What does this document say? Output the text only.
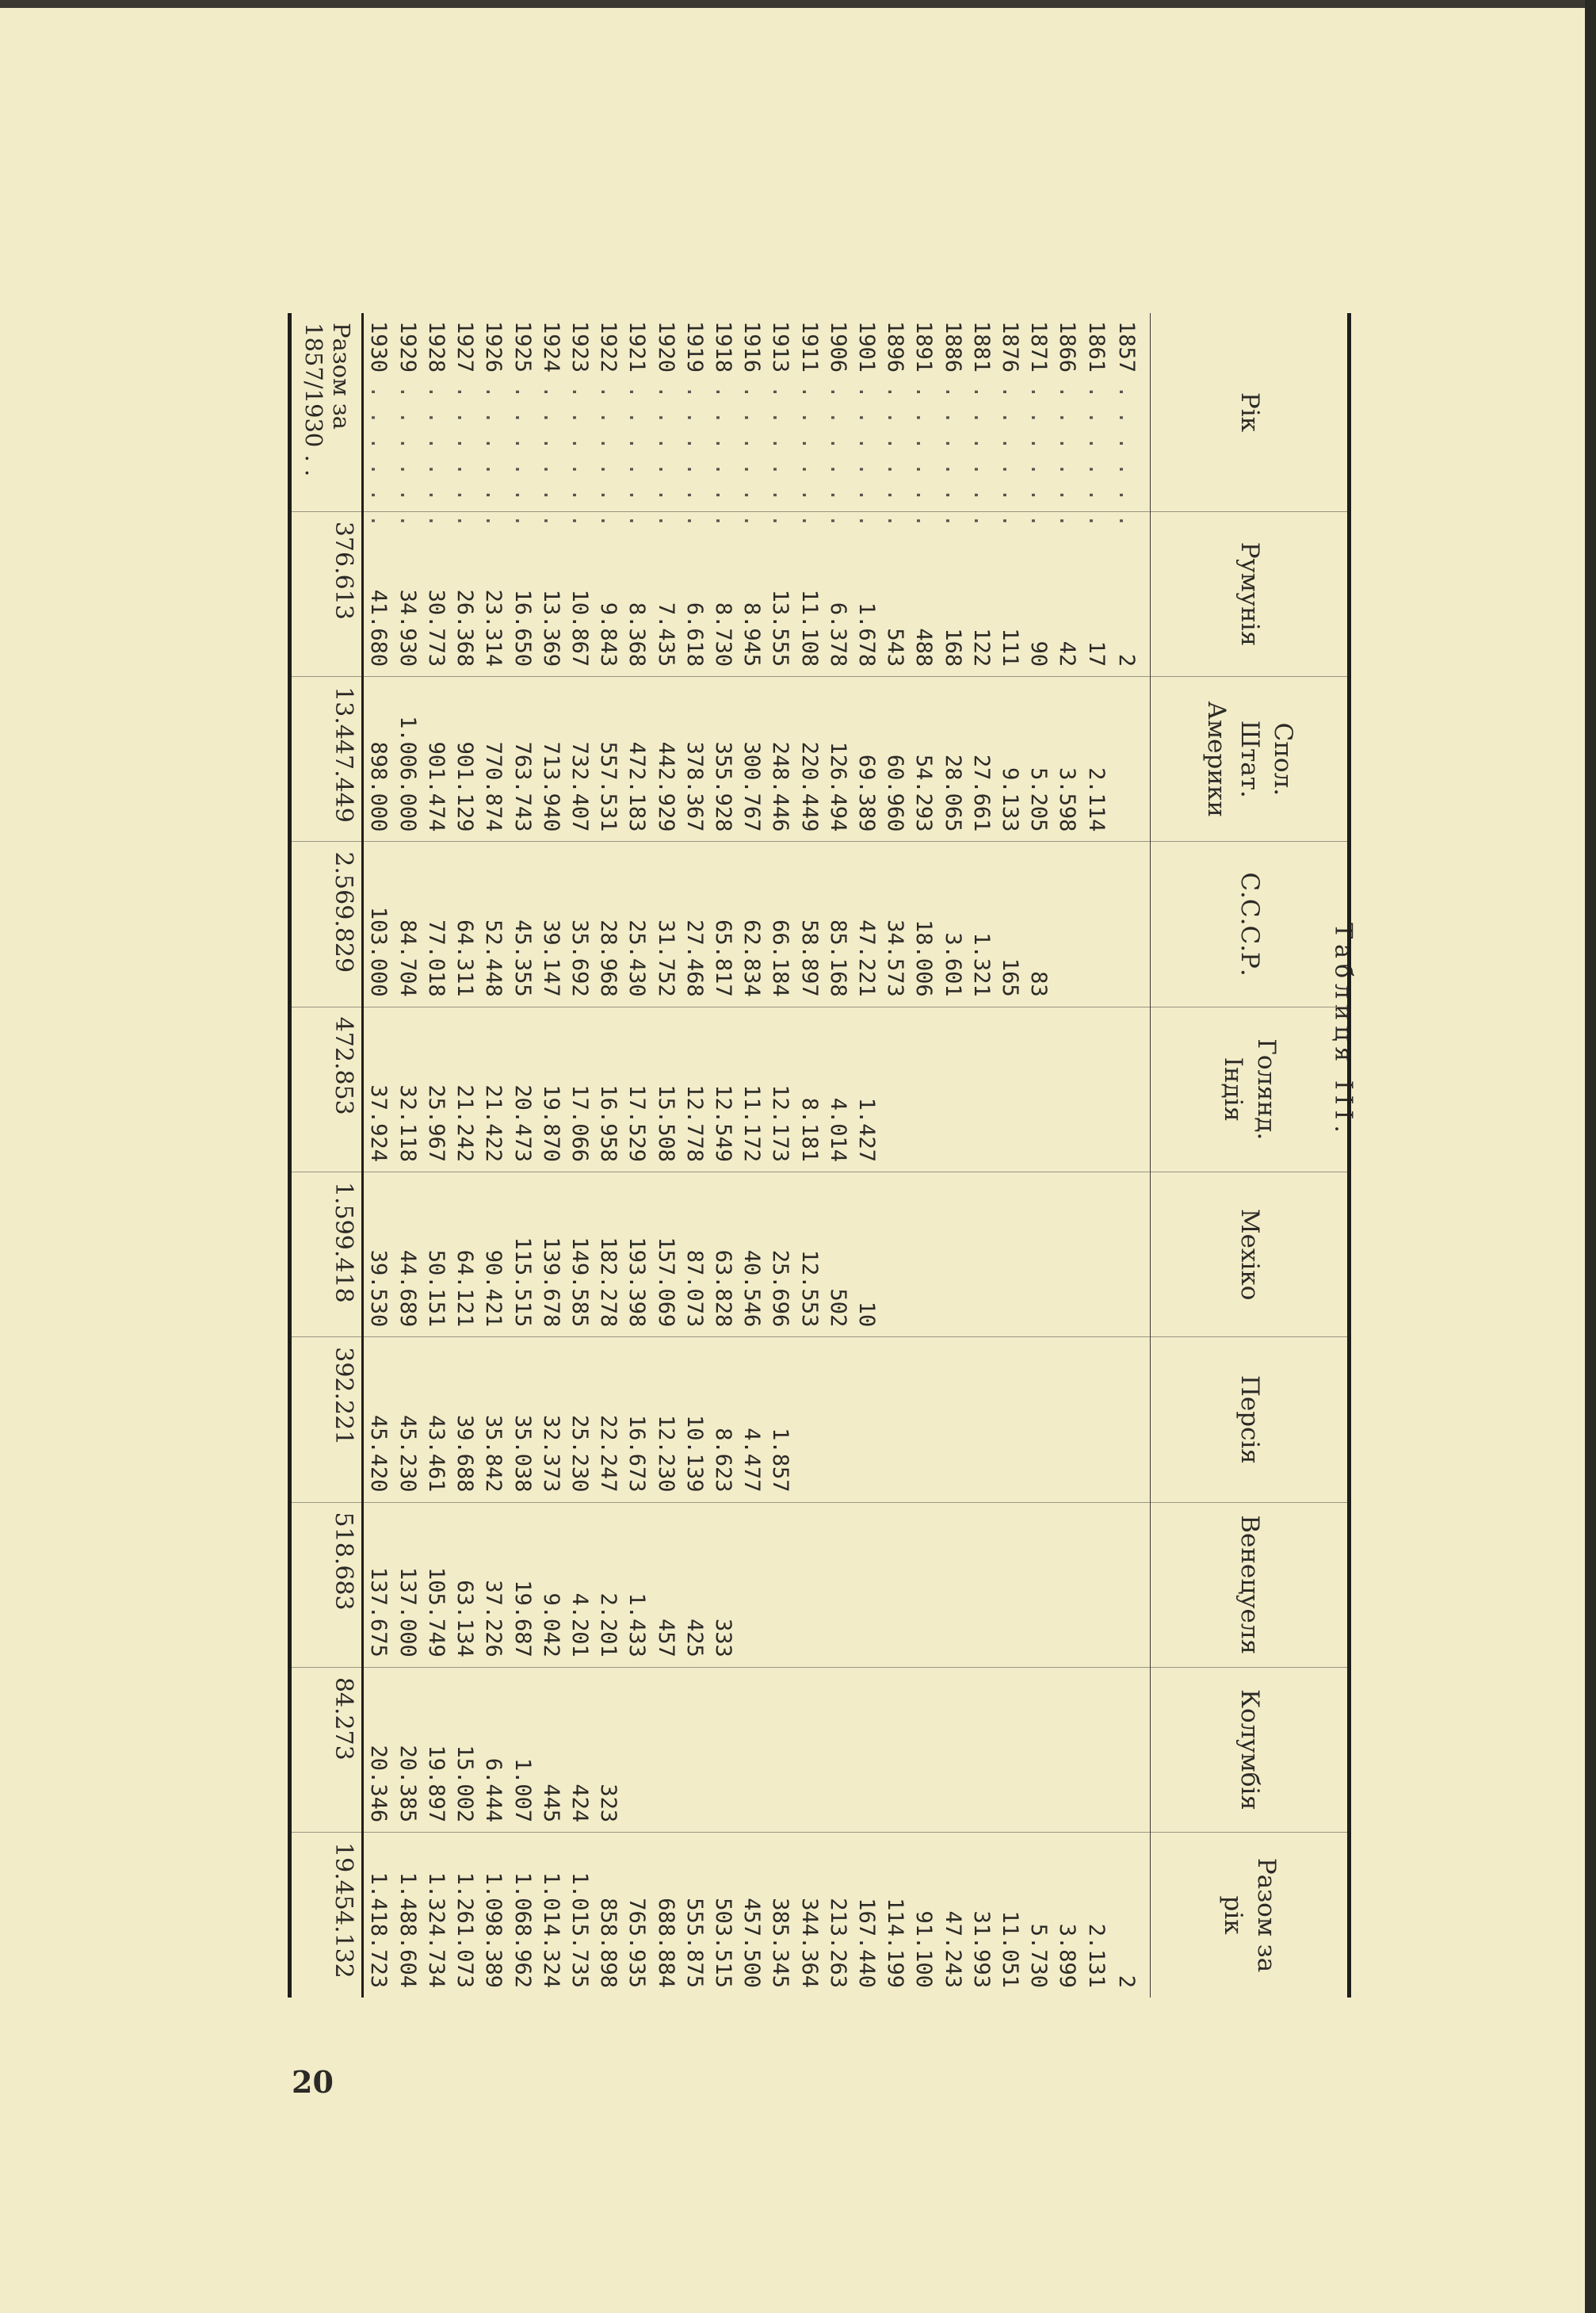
Таблиця III.
Рік	Румунія	Спол. Штат. Америки	С.С.С.Р.	Голянд. Індія	Мехіко	Персія	Венецуеля	Колумбія	Разом за рік
1857 . . . . . .	2								2
1861 . . . . . .	17	2.114							2.131
1866 . . . . . .	42	3.598							3.899
1871 . . . . . .	90	5.205	83						5.730
1876 . . . . . .	111	9.133	165						11.051
1881 . . . . . .	122	27.661	1.321						31.993
1886 . . . . . .	168	28.065	3.601						47.243
1891 . . . . . .	488	54.293	18.006						91.100
1896 . . . . . .	543	60.960	34.573						114.199
1901 . . . . . .	1.678	69.389	47.221	1.427	10				167.440
1906 . . . . . .	6.378	126.494	85.168	4.014	502				213.263
1911 . . . . . .	11.108	220.449	58.897	8.181	12.553				344.364
1913 . . . . . .	13.555	248.446	66.184	12.173	25.696	1.857			385.345
1916 . . . . . .	8.945	300.767	62.834	11.172	40.546	4.477			457.500
1918 . . . . . .	8.730	355.928	65.817	12.549	63.828	8.623	333		503.515
1919 . . . . . .	6.618	378.367	27.468	12.778	87.073	10.139	425		555.875
1920 . . . . . .	7.435	442.929	31.752	15.508	157.069	12.230	457		688.884
1921 . . . . . .	8.368	472.183	25.430	17.529	193.398	16.673	1.433		765.935
1922 . . . . . .	9.843	557.531	28.968	16.958	182.278	22.247	2.201	323	858.898
1923 . . . . . .	10.867	732.407	35.692	17.066	149.585	25.230	4.201	424	1.015.735
1924 . . . . . .	13.369	713.940	39.147	19.870	139.678	32.373	9.042	445	1.014.324
1925 . . . . . .	16.650	763.743	45.355	20.473	115.515	35.038	19.687	1.007	1.068.962
1926 . . . . . .	23.314	770.874	52.448	21.422	90.421	35.842	37.226	6.444	1.098.389
1927 . . . . . .	26.368	901.129	64.311	21.242	64.121	39.688	63.134	15.002	1.261.073
1928 . . . . . .	30.773	901.474	77.018	25.967	50.151	43.461	105.749	19.897	1.324.734
1929 . . . . . .	34.930	1.006.000	84.704	32.118	44.689	45.230	137.000	20.385	1.488.604
1930 . . . . . .	41.680	898.000	103.000	37.924	39.530	45.420	137.675	20.346	1.418.723
Разом за 1857/1930 . .	376.613	13.447.449	2.569.829	472.853	1.599.418	392.221	518.683	84.273	19.454.132
20
